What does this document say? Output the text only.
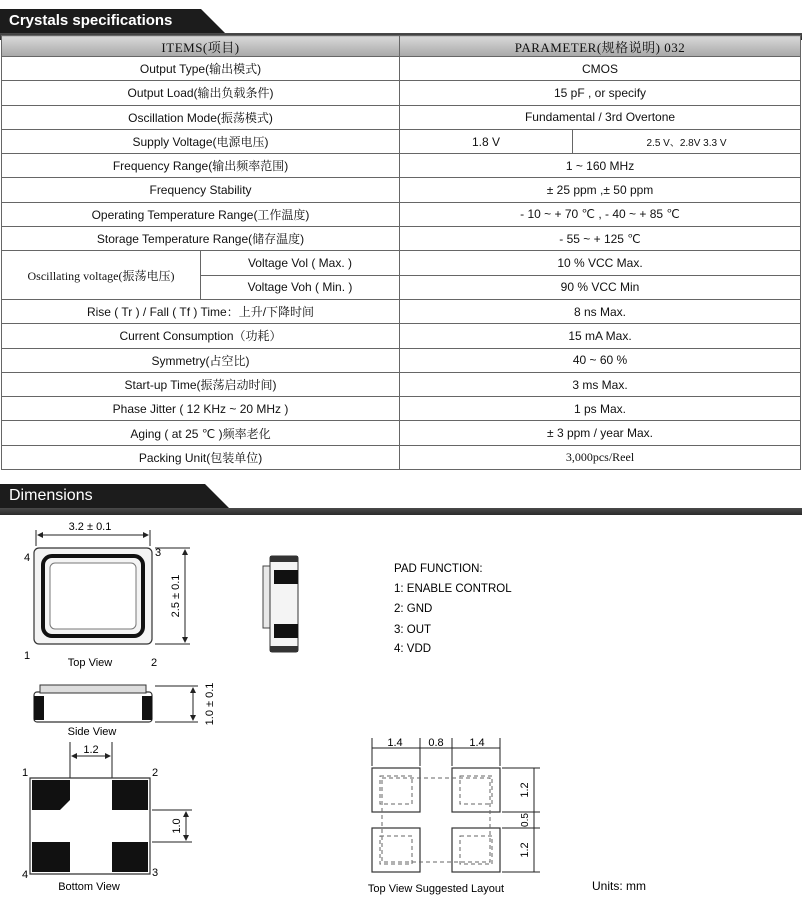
Crystals specifications
ITEMS(项目)		PARAMETER(规格说明) 032
Output Type(输出模式)		CMOS
Output Load(输出负载条件)		15 pF , or specify
Oscillation Mode(振荡模式)		Fundamental / 3rd Overtone
Supply Voltage(电源电压)		1.8 V 2.5 V、2.8V 3.3 V

Frequency Range(输出频率范围)		1 ~ 160 MHz
Frequency Stability		± 25 ppm ,± 50 ppm
Operating Temperature Range(工作温度)		- 10 ~ + 70 ℃ , - 40 ~ + 85 ℃
Storage Temperature Range(储存温度)		- 55 ~ + 125 ℃
Oscillating voltage(振荡电压)	Voltage Vol ( Max. )	10 % VCC Max.
	Voltage Voh ( Min. )	90 % VCC Min
Rise ( Tr ) / Fall ( Tf ) Time：上升/下降时间		8 ns Max.
Current Consumption（功耗）		15 mA Max.
Symmetry(占空比)		40 ~ 60 %
Start-up Time(振荡启动时间)		3 ms Max.
Phase Jitter ( 12 KHz ~ 20 MHz )		1 ps Max.
Aging ( at 25 ℃ )频率老化		± 3 ppm / year Max.
Packing Unit(包装单位)		3,000pcs/Reel
Dimensions
3.2 ± 0.1
2.5 ± 0.1
4	3
1
2
Top View
1.0 ± 0.1
Side View
1.2
1.0
1	2
4	3
Bottom View
1.4 0.8 1.4
1.2
0.5
1.2
Top View Suggested Layout
PAD FUNCTION:
1: ENABLE CONTROL
2: GND
3: OUT
4: VDD
Units: mm
